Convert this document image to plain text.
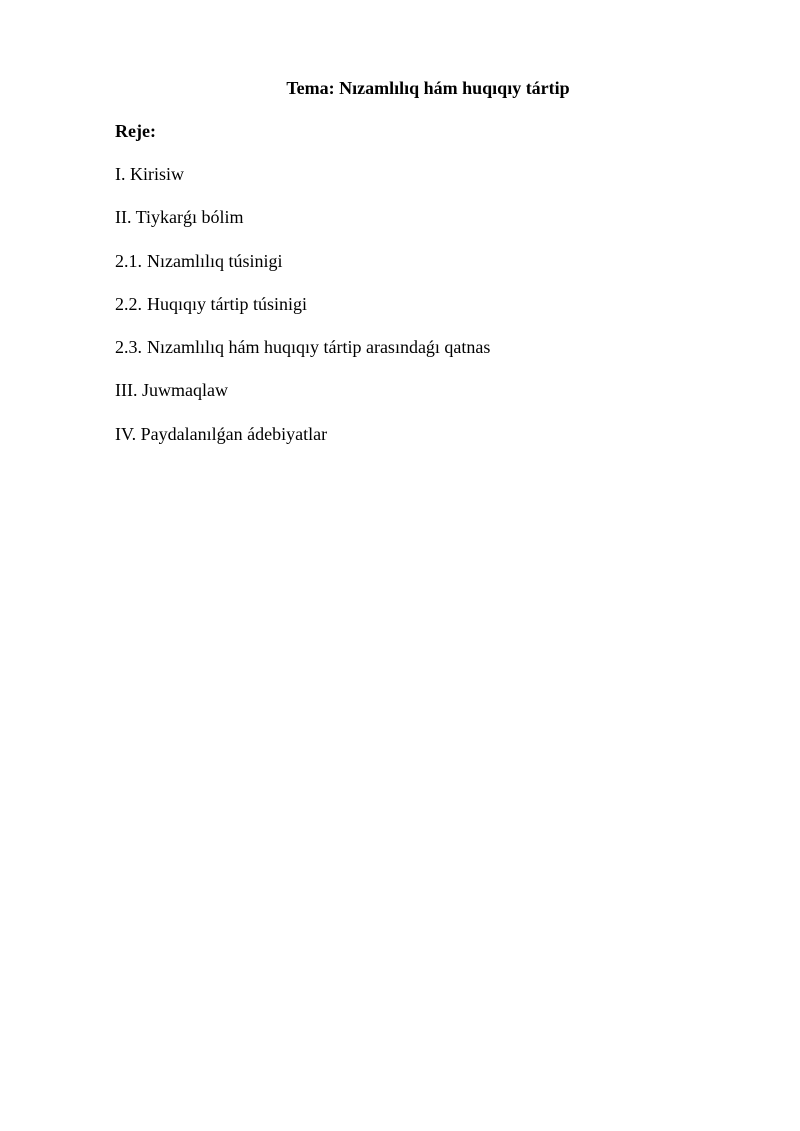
Tema: Nızamlılıq hám huqıqıy tártip
Reje:
I. Kirisiw
II. Tiykarǵı bólim
2.1. Nızamlılıq túsinigi
2.2. Huqıqıy tártip túsinigi
2.3. Nızamlılıq hám huqıqıy tártip arasındaǵı qatnas
III. Juwmaqlaw
IV. Paydalanılǵan ádebiyatlar
